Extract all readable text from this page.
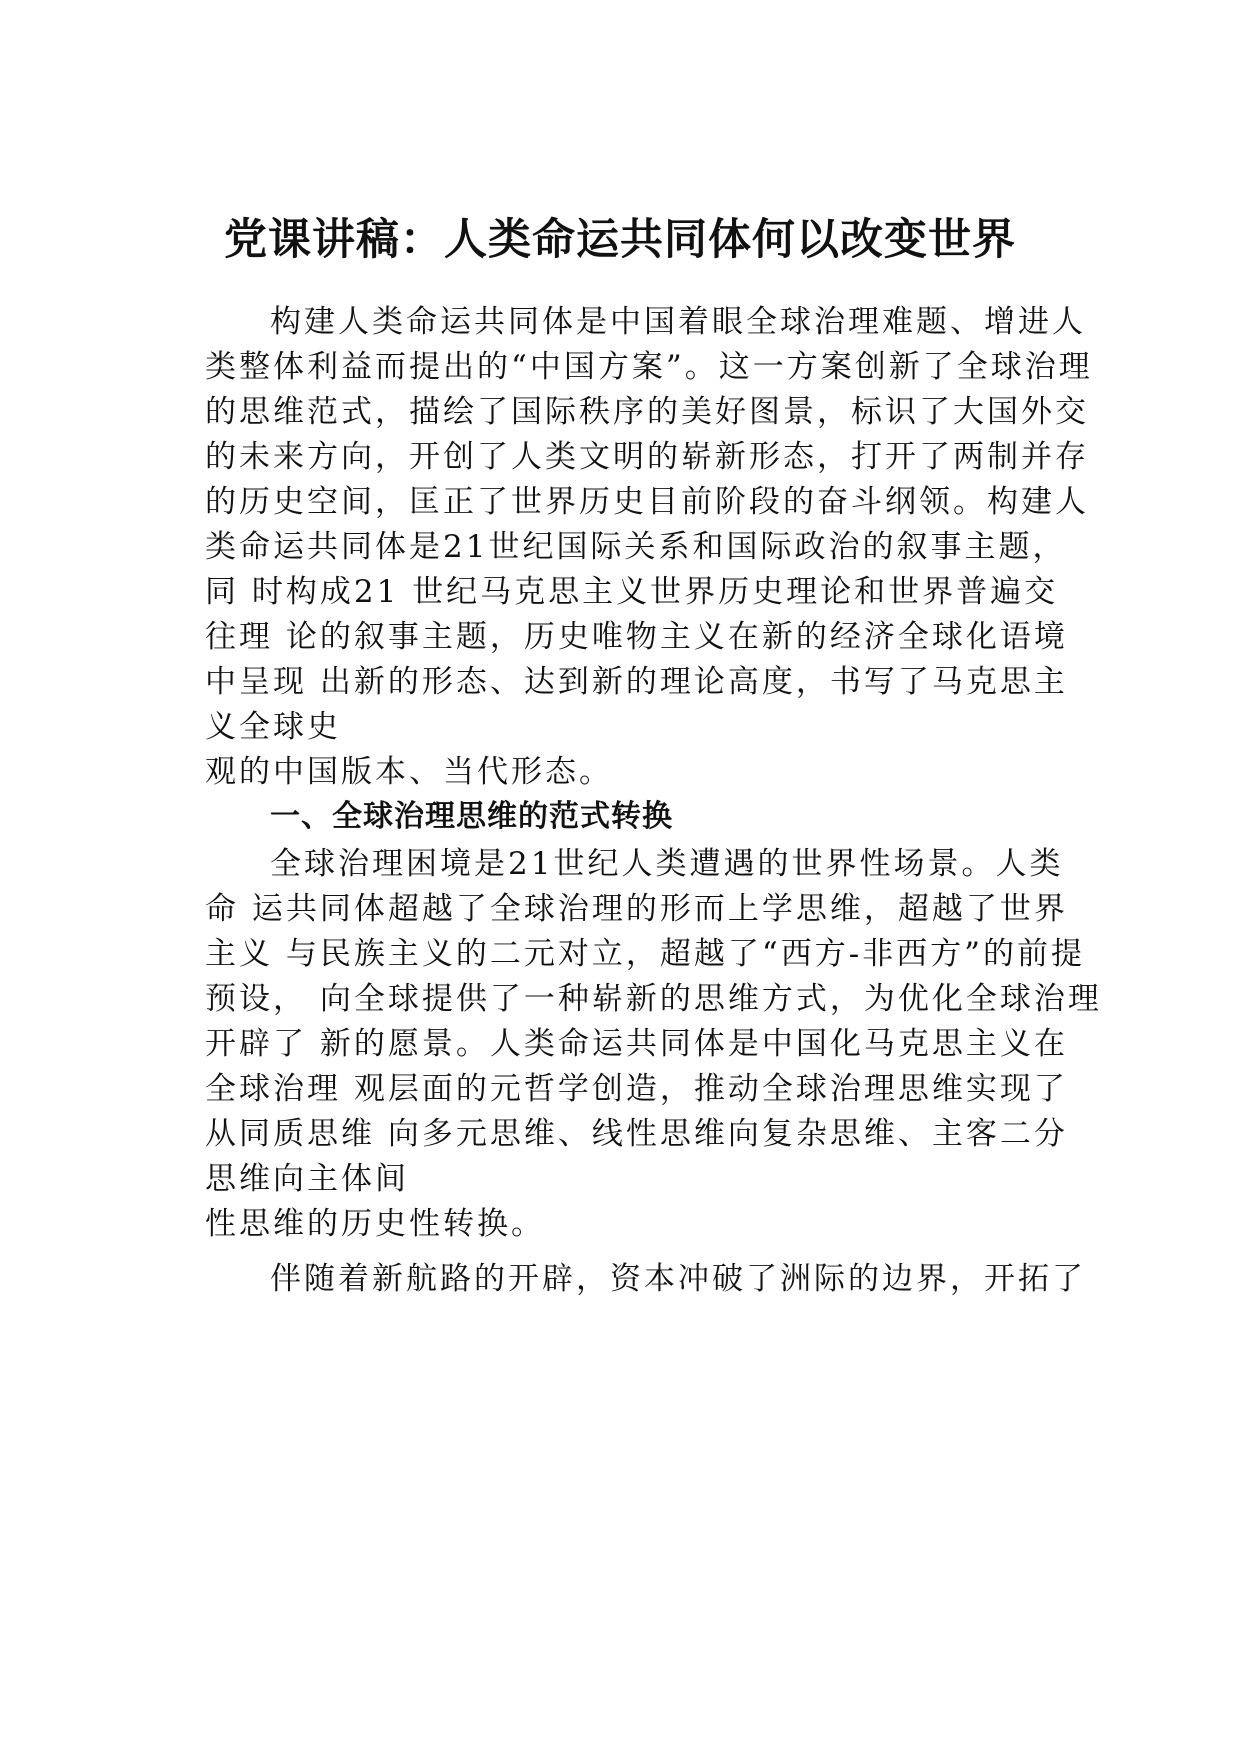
党课讲稿：人类命运共同体何以改变世界

构建人类命运共同体是中国着眼全球治理难题、增进人

类整体利益而提出的“中国方案”。这一方案创新了全球治理

的思维范式，描绘了国际秩序的美好图景，标识了大国外交

的未来方向，开创了人类文明的崭新形态，打开了两制并存

的历史空间，匡正了世界历史目前阶段的奋斗纲领。构建人

类命运共同体是21世纪国际关系和国际政治的叙事主题，

同 时构成21 世纪马克思主义世界历史理论和世界普遍交

往理 论的叙事主题，历史唯物主义在新的经济全球化语境

中呈现 出新的形态、达到新的理论高度，书写了马克思主

义全球史

观的中国版本、当代形态。

一、全球治理思维的范式转换

全球治理困境是21世纪人类遭遇的世界性场景。人类

命 运共同体超越了全球治理的形而上学思维，超越了世界

主义 与民族主义的二元对立，超越了“西方-非西方”的前提

预设， 向全球提供了一种崭新的思维方式，为优化全球治理

开辟了 新的愿景。人类命运共同体是中国化马克思主义在

全球治理 观层面的元哲学创造，推动全球治理思维实现了

从同质思维 向多元思维、线性思维向复杂思维、主客二分

思维向主体间

性思维的历史性转换。

伴随着新航路的开辟，资本冲破了洲际的边界，开拓了
